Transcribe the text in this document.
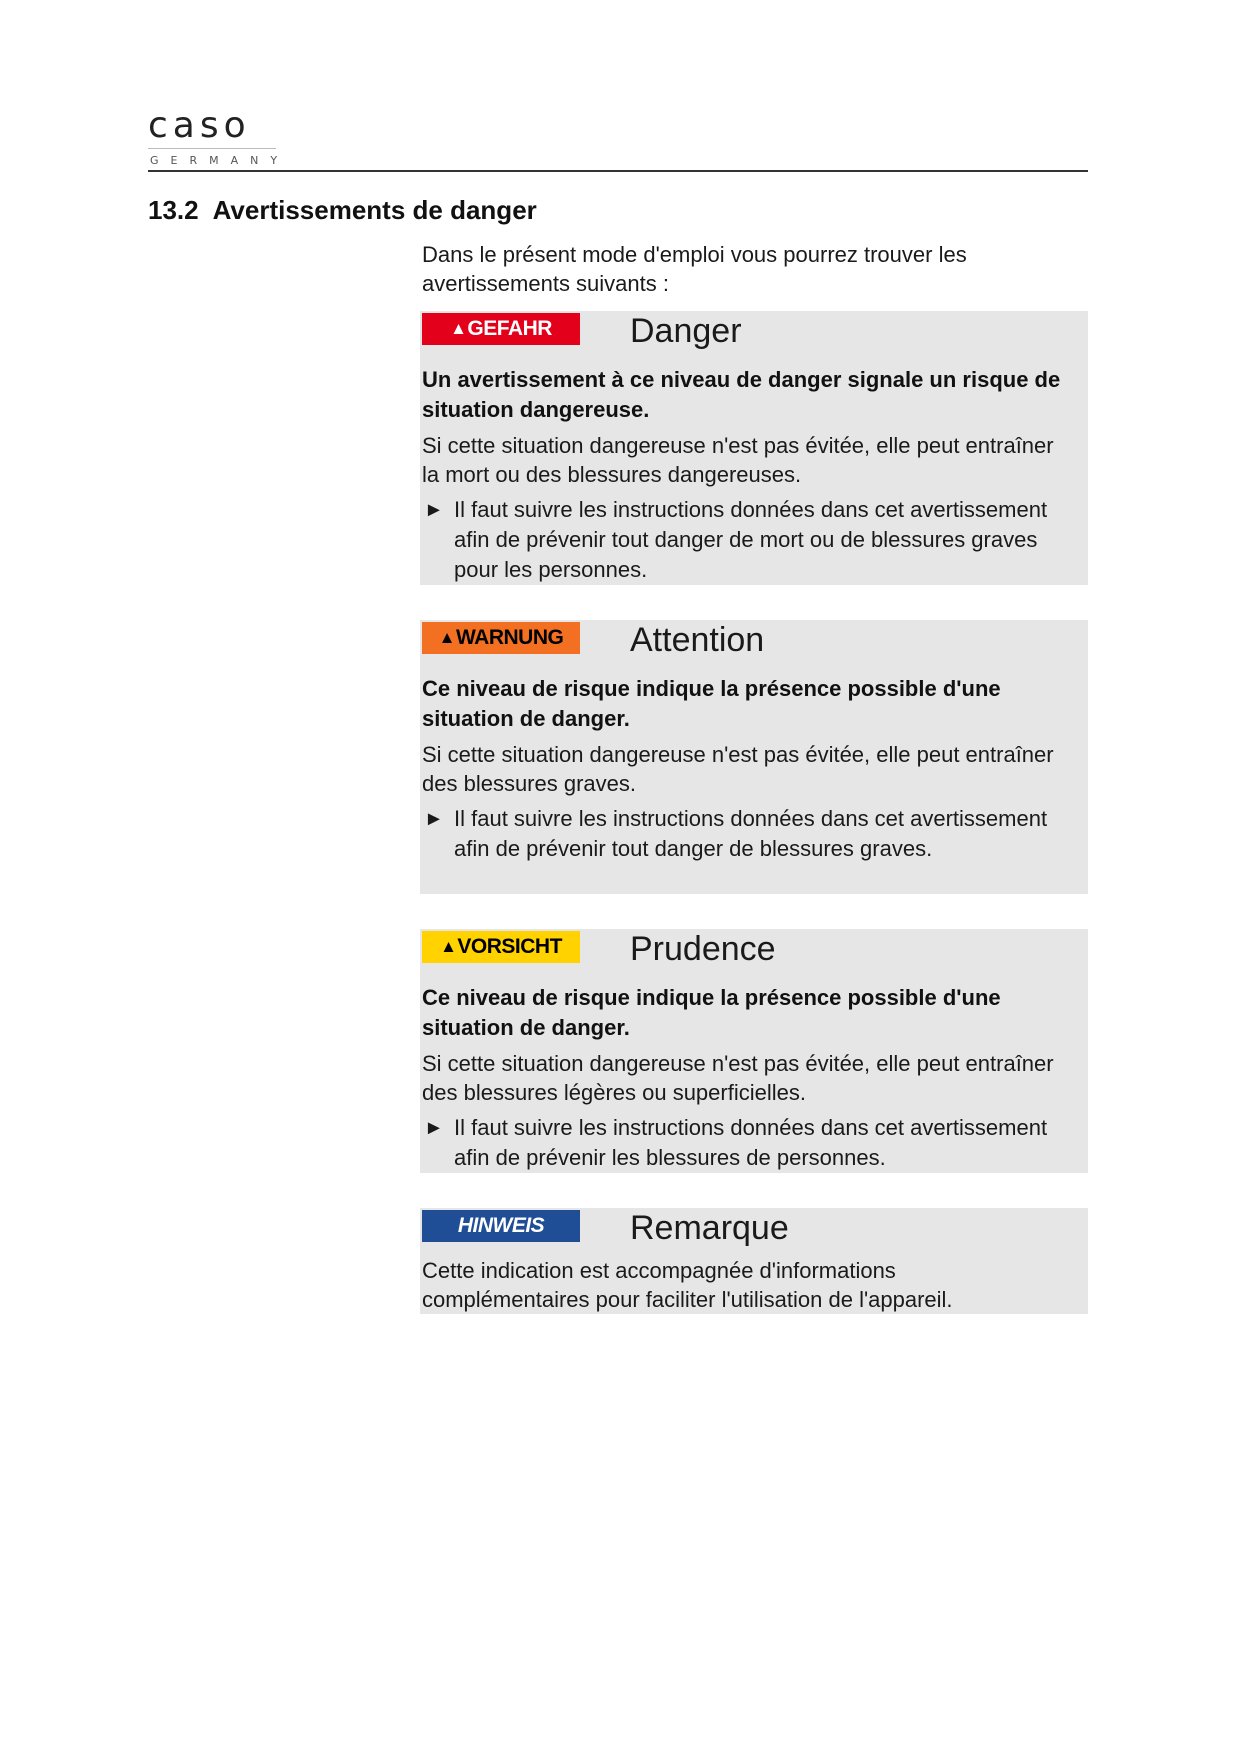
caso
GERMANY
13.2 Avertissements de danger
Dans le présent mode d'emploi vous pourrez trouver les avertissements suivants :
▲ GEFAHR Danger

Un avertissement à ce niveau de danger signale un risque de situation dangereuse.

Si cette situation dangereuse n'est pas évitée, elle peut entraîner la mort ou des blessures dangereuses.

► Il faut suivre les instructions données dans cet avertissement afin de prévenir tout danger de mort ou de blessures graves pour les personnes.

▲ WARNUNG Attention

Ce niveau de risque indique la présence possible d'une situation de danger.

Si cette situation dangereuse n'est pas évitée, elle peut entraîner des blessures graves.

► Il faut suivre les instructions données dans cet avertissement afin de prévenir tout danger de blessures graves.

▲ VORSICHT Prudence

Ce niveau de risque indique la présence possible d'une situation de danger.

Si cette situation dangereuse n'est pas évitée, elle peut entraîner des blessures légères ou superficielles.

► Il faut suivre les instructions données dans cet avertissement afin de prévenir les blessures de personnes.

HINWEIS	Remarque

Cette indication est accompagnée d'informations complémentaires pour faciliter l'utilisation de l'appareil.
